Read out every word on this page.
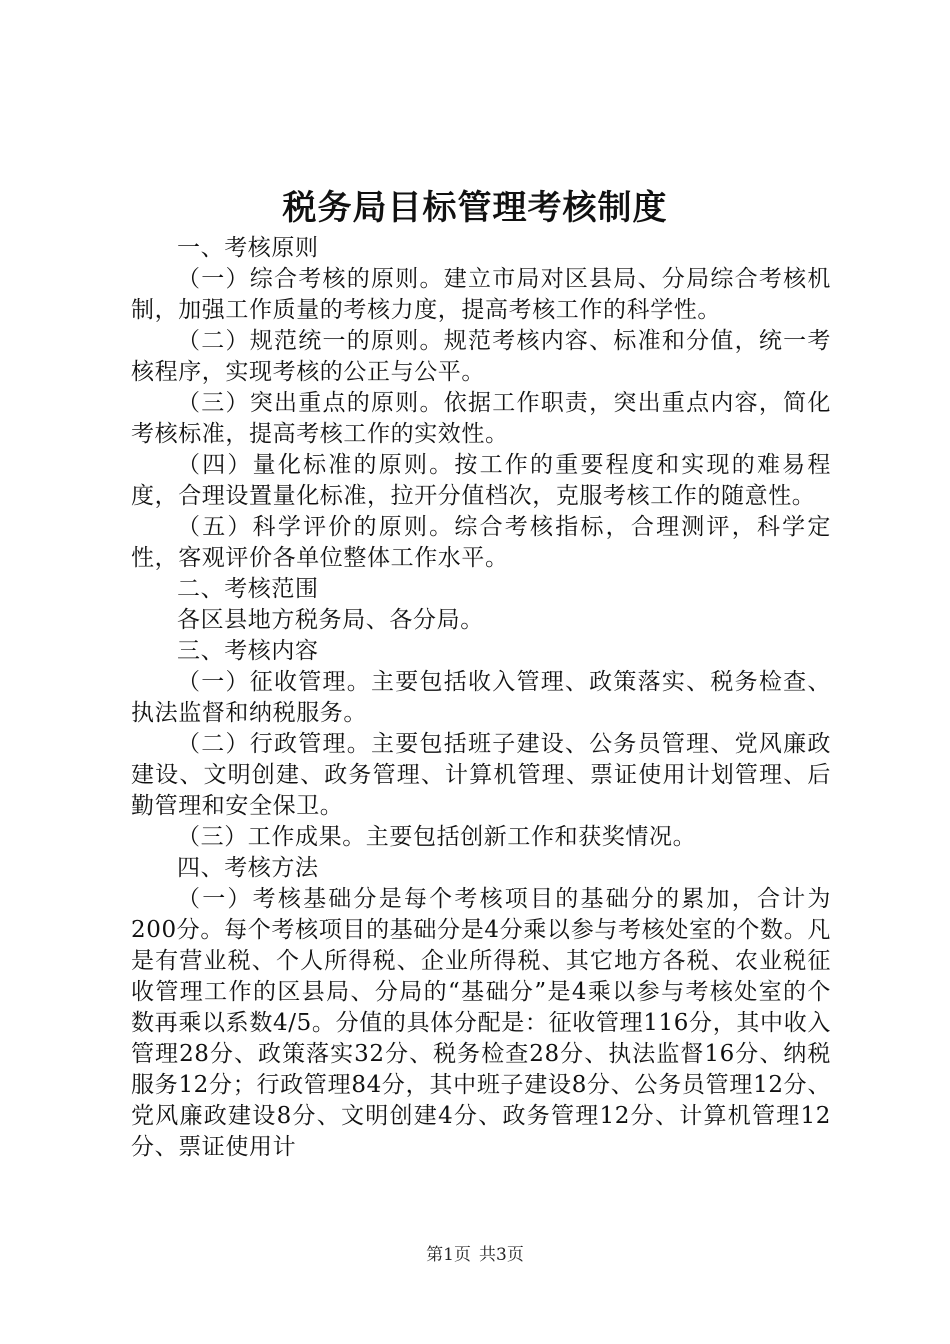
税务局目标管理考核制度

一、考核原则

（一）综合考核的原则。建立市局对区县局、分局综合考核机制，加强工作质量的考核力度，提高考核工作的科学性。

（二）规范统一的原则。规范考核内容、标准和分值，统一考核程序，实现考核的公正与公平。

（三）突出重点的原则。依据工作职责，突出重点内容，简化考核标准，提高考核工作的实效性。

（四）量化标准的原则。按工作的重要程度和实现的难易程度，合理设置量化标准，拉开分值档次，克服考核工作的随意性。

（五）科学评价的原则。综合考核指标，合理测评，科学定性，客观评价各单位整体工作水平。

二、考核范围

各区县地方税务局、各分局。

三、考核内容

（一）征收管理。主要包括收入管理、政策落实、税务检查、执法监督和纳税服务。

（二）行政管理。主要包括班子建设、公务员管理、党风廉政建设、文明创建、政务管理、计算机管理、票证使用计划管理、后勤管理和安全保卫。

（三）工作成果。主要包括创新工作和获奖情况。

四、考核方法

（一）考核基础分是每个考核项目的基础分的累加，合计为200分。每个考核项目的基础分是4分乘以参与考核处室的个数。凡是有营业税、个人所得税、企业所得税、其它地方各税、农业税征收管理工作的区县局、分局的“基础分”是4乘以参与考核处室的个数再乘以系数4/5。分值的具体分配是：征收管理116分，其中收入管理28分、政策落实32分、税务检查28分、执法监督16分、纳税服务12分；行政管理84分，其中班子建设8分、公务员管理12分、党风廉政建设8分、文明创建4分、政务管理12分、计算机管理12分、票证使用计

第1页 共3页
